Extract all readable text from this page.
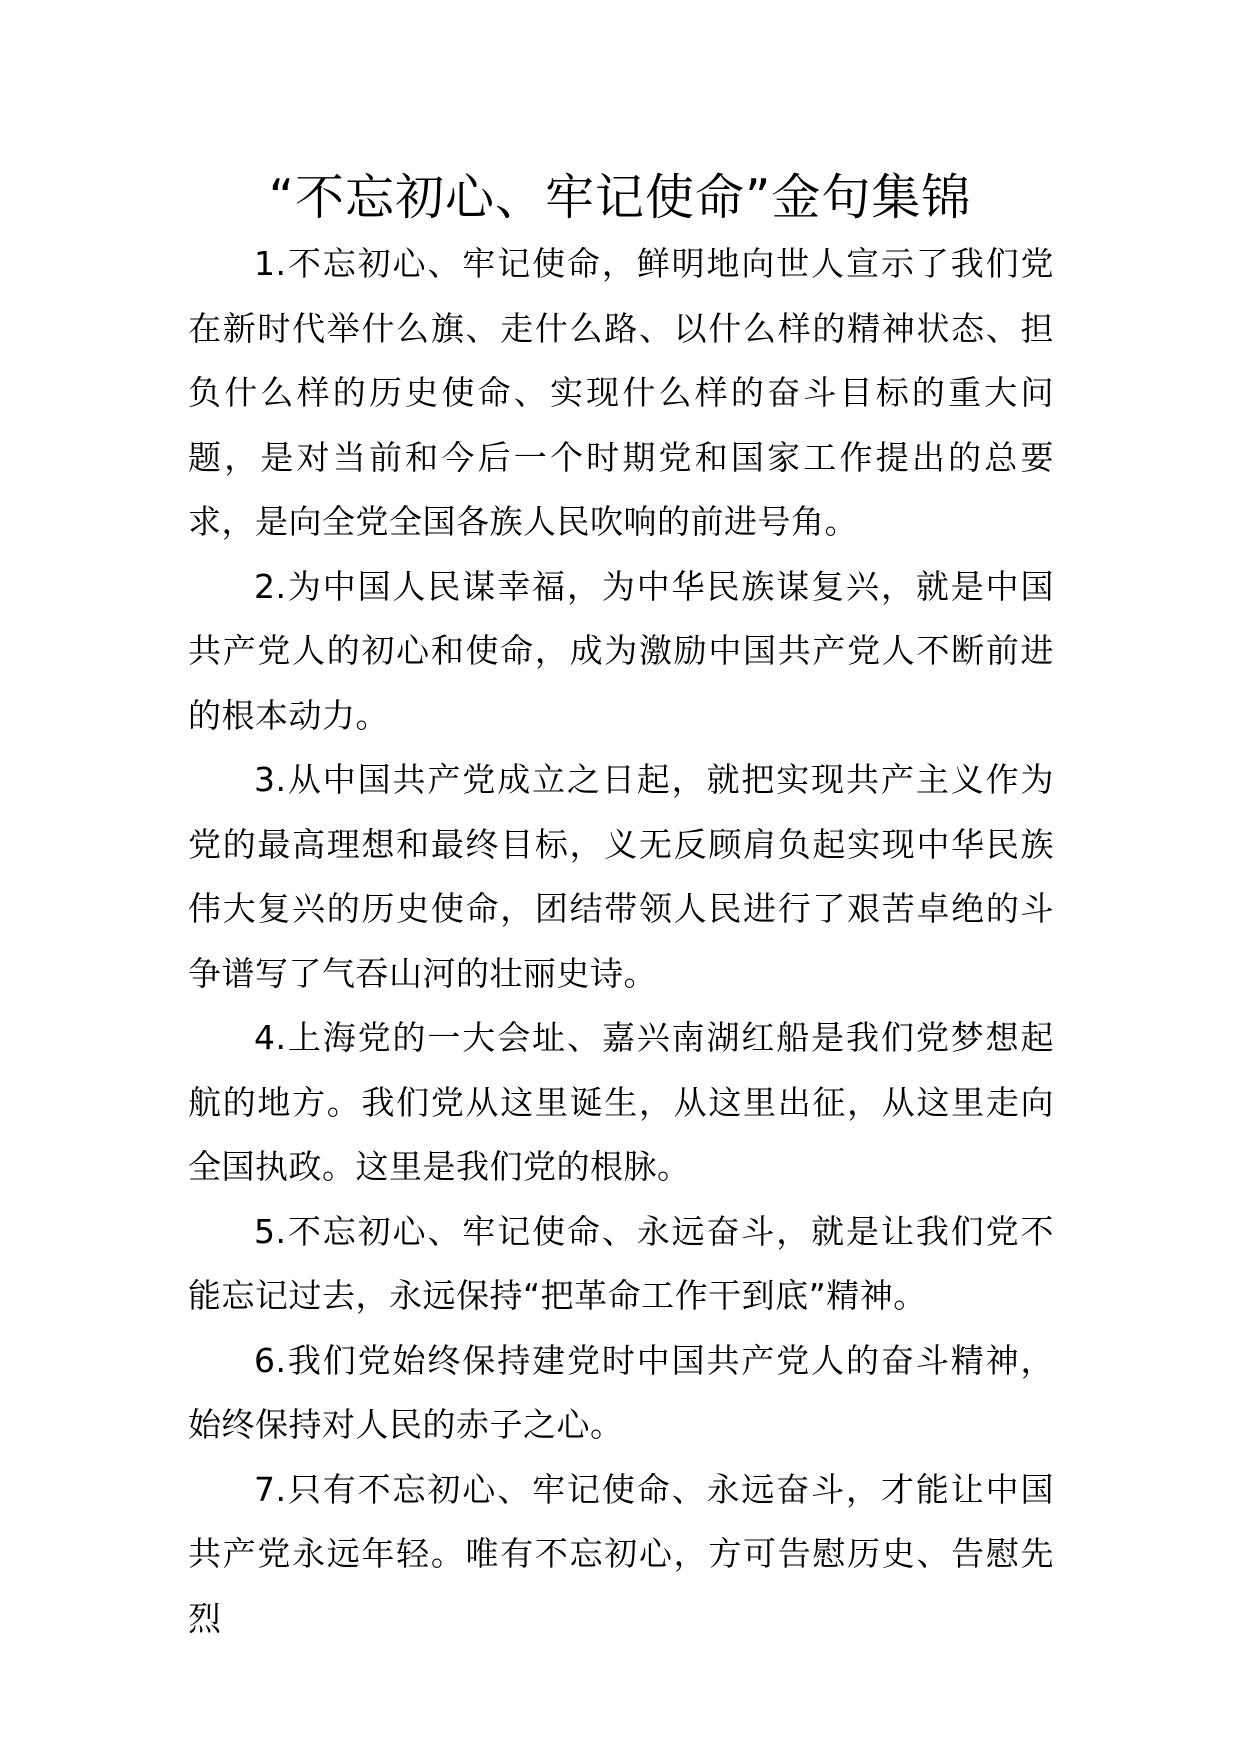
“不忘初心、牢记使命”金句集锦

1.不忘初心、牢记使命，鲜明地向世人宣示了我们党在新时代举什么旗、走什么路、以什么样的精神状态、担负什么样的历史使命、实现什么样的奋斗目标的重大问题，是对当前和今后一个时期党和国家工作提出的总要求，是向全党全国各族人民吹响的前进号角。

2.为中国人民谋幸福，为中华民族谋复兴，就是中国共产党人的初心和使命，成为激励中国共产党人不断前进的根本动力。

3.从中国共产党成立之日起，就把实现共产主义作为党的最高理想和最终目标，义无反顾肩负起实现中华民族伟大复兴的历史使命，团结带领人民进行了艰苦卓绝的斗争谱写了气吞山河的壮丽史诗。

4.上海党的一大会址、嘉兴南湖红船是我们党梦想起航的地方。我们党从这里诞生，从这里出征，从这里走向全国执政。这里是我们党的根脉。

5.不忘初心、牢记使命、永远奋斗，就是让我们党不能忘记过去，永远保持“把革命工作干到底”精神。

6.我们党始终保持建党时中国共产党人的奋斗精神，始终保持对人民的赤子之心。

7.只有不忘初心、牢记使命、永远奋斗，才能让中国共产党永远年轻。唯有不忘初心，方可告慰历史、告慰先烈
